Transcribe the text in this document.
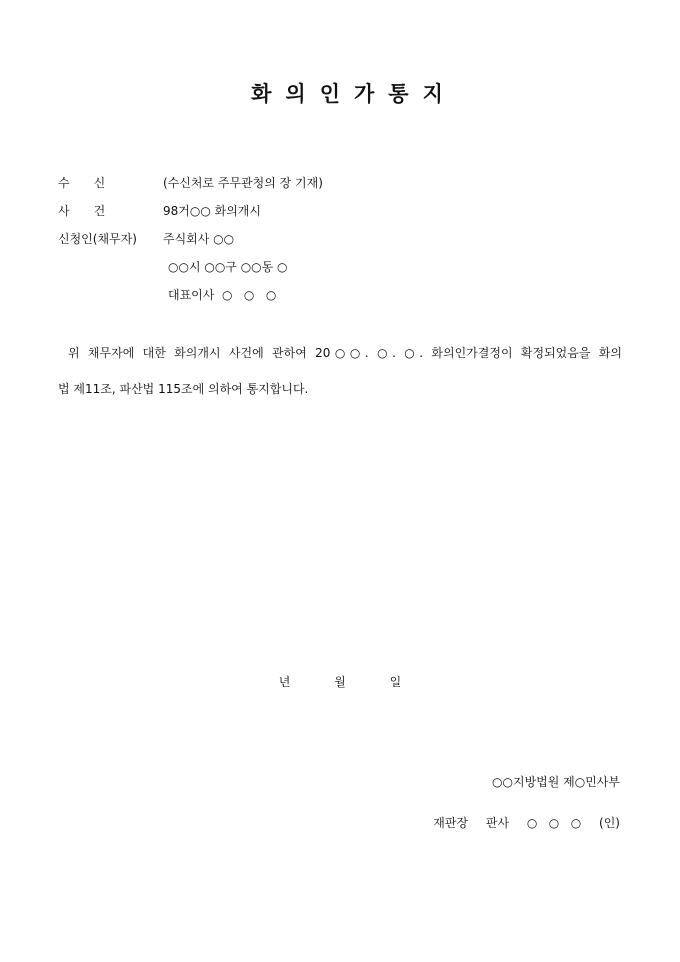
화의인가통지
수신	(수신처로 주무관청의 장 기재)
사건	98거○○ 화의개시
신청인(채무자) 주식회사 ○○
○○시 ○○구 ○○동 ○
대표이사  ○   ○   ○
위 채무자에 대한 화의개시 사건에 관하여 20○○. ○. ○. 화의인가결정이 확정되었음을 화의
법 제11조, 파산법 115조에 의하여 통지합니다.
년	월	일
○○지방법원 제○민사부
재판장 판사 ○   ○   ○ (인)
